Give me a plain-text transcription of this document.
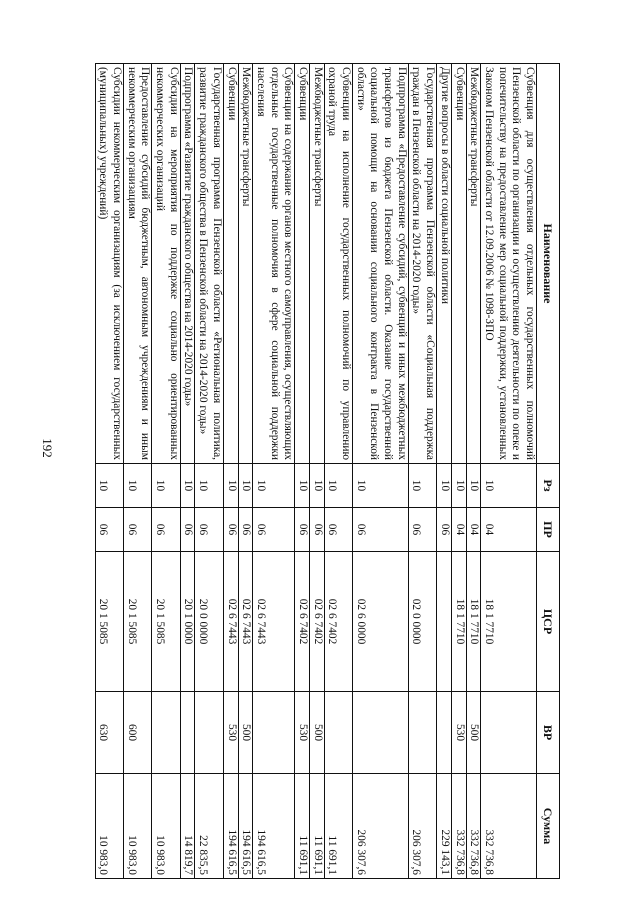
192
Наименование	Рз	ПР	ЦСР	ВР	Сумма
Субвенция для осуществления отдельных государственных полномочий Пензенской области по организации и осуществлению деятельности по опеке и попечительству на предоставление мер социальной поддержки, установленных Законом Пензенской области от 12.09.2006 № 1098-ЗПО	10	04	18 1 7710		332 736,8
Межбюджетные трансферты	10	04	18 1 7710	500	332 736,8
Субвенции	10	04	18 1 7710	530	332 736,8
Другие вопросы в области социальной политики	10	06			229 143,1
Государственная программа Пензенской области «Социальная поддержка граждан в Пензенской области на 2014-2020 годы»	10	06	02 0 0000		206 307,6
Подпрограмма «Предоставление субсидий, субвенций и иных межбюджетных трансфертов из бюджета Пензенской области. Оказание государственной социальной помощи на основании социального контракта в Пензенской области»	10	06	02 6 0000		206 307,6
Субвенции на исполнение государственных полномочий по управлению охраной труда	10	06	02 6 7402		11 691,1
Межбюджетные трансферты	10	06	02 6 7402	500	11 691,1
Субвенции	10	06	02 6 7402	530	11 691,1
Субвенции на содержание органов местного самоуправления, осуществляющих отдельные государственные полномочия в сфере социальной поддержки населения	10	06	02 6 7443		194 616,5
Межбюджетные трансферты	10	06	02 6 7443	500	194 616,5
Субвенции	10	06	02 6 7443	530	194 616,5
Государственная программа Пензенской области «Региональная политика, развитие гражданского общества в Пензенской области на 2014-2020 годы»	10	06	20 0 0000		22 835,5
Подпрограмма «Развитие гражданского общества на 2014-2020 годы»	10	06	20 1 0000		14 819,7
Субсидии на мероприятия по поддержке социально ориентированных некоммерческих организаций	10	06	20 1 5085		10 983,0
Предоставление субсидий бюджетным, автономным учреждениям и иным некоммерческим организациям	10	06	20 1 5085	600	10 983,0
Субсидии некоммерческим организациям (за исключением государственных (муниципальных) учреждений)	10	06	20 1 5085	630	10 983,0
